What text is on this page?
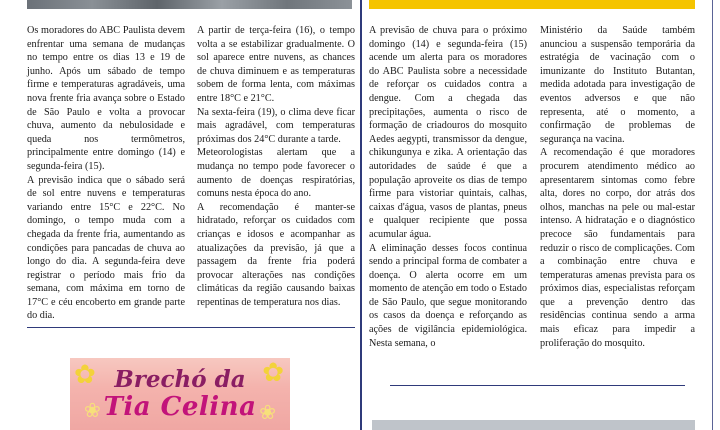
Os moradores do ABC Paulista devem enfrentar uma semana de mudanças no tempo entre os dias 13 e 19 de junho. Após um sábado de tempo firme e temperaturas agradáveis, uma nova frente fria avança sobre o Estado de São Paulo e volta a provocar chuva, aumento da nebulosidade e queda nos termômetros, principalmente entre domingo (14) e segunda-feira (15).

A previsão indica que o sábado será de sol entre nuvens e temperaturas variando entre 15°C e 22°C. No domingo, o tempo muda com a chegada da frente fria, aumentando as condições para pancadas de chuva ao longo do dia. A segunda-feira deve registrar o período mais frio da semana, com máxima em torno de 17°C e céu encoberto em grande parte do dia.

A partir de terça-feira (16), o tempo volta a se estabilizar gradualmente. O sol aparece entre nuvens, as chances de chuva diminuem e as temperaturas sobem de forma lenta, com máximas entre 18°C e 21°C.

Na sexta-feira (19), o clima deve ficar mais agradável, com temperaturas próximas dos 24°C durante a tarde.

Meteorologistas alertam que a mudança no tempo pode favorecer o aumento de doenças respiratórias, comuns nesta época do ano.

A recomendação é manter-se hidratado, reforçar os cuidados com crianças e idosos e acompanhar as atualizações da previsão, já que a passagem da frente fria poderá provocar alterações nas condições climáticas da região causando baixas repentinas de temperatura nos dias.

A previsão de chuva para o próximo domingo (14) e segunda-feira (15) acende um alerta para os moradores do ABC Paulista sobre a necessidade de reforçar os cuidados contra a dengue. Com a chegada das precipitações, aumenta o risco de formação de criadouros do mosquito Aedes aegypti, transmissor da dengue, chikungunya e zika. A orientação das autoridades de saúde é que a população aproveite os dias de tempo firme para vistoriar quintais, calhas, caixas d'água, vasos de plantas, pneus e qualquer recipiente que possa acumular água.

A eliminação desses focos continua sendo a principal forma de combater a doença. O alerta ocorre em um momento de atenção em todo o Estado de São Paulo, que segue monitorando os casos da doença e reforçando as ações de vigilância epidemiológica. Nesta semana, o

Ministério da Saúde também anunciou a suspensão temporária da estratégia de vacinação com o imunizante do Instituto Butantan, medida adotada para investigação de eventos adversos e que não representa, até o momento, a confirmação de problemas de segurança na vacina.

A recomendação é que moradores procurem atendimento médico ao apresentarem sintomas como febre alta, dores no corpo, dor atrás dos olhos, manchas na pele ou mal-estar intenso. A hidratação e o diagnóstico precoce são fundamentais para reduzir o risco de complicações. Com a combinação entre chuva e temperaturas amenas prevista para os próximos dias, especialistas reforçam que a prevenção dentro das residências continua sendo a arma mais eficaz para impedir a proliferação do mosquito.

✿	✿
❀	❀
Brechó da
Tia Celina
